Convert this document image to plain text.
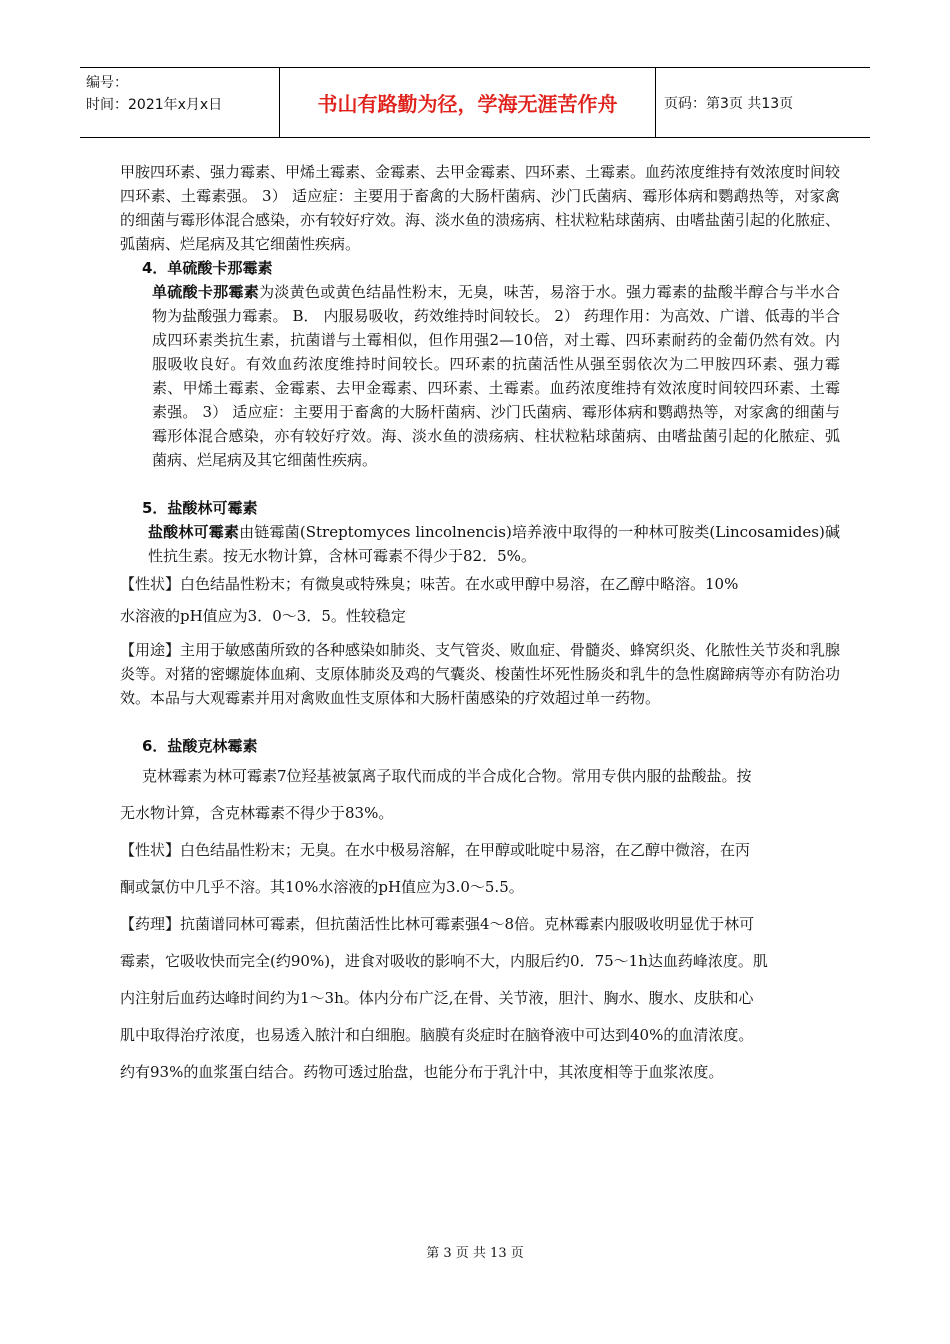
编号：
时间：2021年x月x日	书山有路勤为径，学海无涯苦作舟	页码：第3页 共13页

甲胺四环素、强力霉素、甲烯土霉素、金霉素、去甲金霉素、四环素、土霉素。血药浓度维持有效浓度时间较四环素、土霉素强。 3） 适应症：主要用于畜禽的大肠杆菌病、沙门氏菌病、霉形体病和鹦鹉热等，对家禽的细菌与霉形体混合感染，亦有较好疗效。海、淡水鱼的溃疡病、柱状粒粘球菌病、由嗜盐菌引起的化脓症、弧菌病、烂尾病及其它细菌性疾病。

4．单硫酸卡那霉素

单硫酸卡那霉素为淡黄色或黄色结晶性粉末，无臭，味苦，易溶于水。强力霉素的盐酸半醇合与半水合物为盐酸强力霉素。 B． 内服易吸收，药效维持时间较长。 2） 药理作用：为高效、广谱、低毒的半合成四环素类抗生素，抗菌谱与土霉相似，但作用强2—10倍，对土霉、四环素耐药的金葡仍然有效。内服吸收良好。有效血药浓度维持时间较长。四环素的抗菌活性从强至弱依次为二甲胺四环素、强力霉素、甲烯土霉素、金霉素、去甲金霉素、四环素、土霉素。血药浓度维持有效浓度时间较四环素、土霉素强。 3） 适应症：主要用于畜禽的大肠杆菌病、沙门氏菌病、霉形体病和鹦鹉热等，对家禽的细菌与霉形体混合感染，亦有较好疗效。海、淡水鱼的溃疡病、柱状粒粘球菌病、由嗜盐菌引起的化脓症、弧菌病、烂尾病及其它细菌性疾病。

5．盐酸林可霉素

盐酸林可霉素由链霉菌(Streptomyces lincolnencis)培养液中取得的一种林可胺类(Lincosamides)碱性抗生素。按无水物计算，含林可霉素不得少于82．5%。

【性状】白色结晶性粉末；有微臭或特殊臭；味苦。在水或甲醇中易溶，在乙醇中略溶。10%

水溶液的pH值应为3．0～3．5。性较稳定

【用途】主用于敏感菌所致的各种感染如肺炎、支气管炎、败血症、骨髓炎、蜂窝织炎、化脓性关节炎和乳腺炎等。对猪的密螺旋体血痢、支原体肺炎及鸡的气囊炎、梭菌性坏死性肠炎和乳牛的急性腐蹄病等亦有防治功效。本品与大观霉素并用对禽败血性支原体和大肠杆菌感染的疗效超过单一药物。

6．盐酸克林霉素

克林霉素为林可霉素7位羟基被氯离子取代而成的半合成化合物。常用专供内服的盐酸盐。按

无水物计算，含克林霉素不得少于83%。

【性状】白色结晶性粉末；无臭。在水中极易溶解，在甲醇或吡啶中易溶，在乙醇中微溶，在丙

酮或氯仿中几乎不溶。其10%水溶液的pH值应为3.0～5.5。

【药理】抗菌谱同林可霉素，但抗菌活性比林可霉素强4～8倍。克林霉素内服吸收明显优于林可

霉素，它吸收快而完全(约90%)，进食对吸收的影响不大，内服后约0．75～1h达血药峰浓度。肌

内注射后血药达峰时间约为1～3h。体内分布广泛,在骨、关节液，胆汁、胸水、腹水、皮肤和心

肌中取得治疗浓度，也易透入脓汁和白细胞。脑膜有炎症时在脑脊液中可达到40%的血清浓度。

约有93%的血浆蛋白结合。药物可透过胎盘，也能分布于乳汁中，其浓度相等于血浆浓度。

第 3 页 共 13 页
